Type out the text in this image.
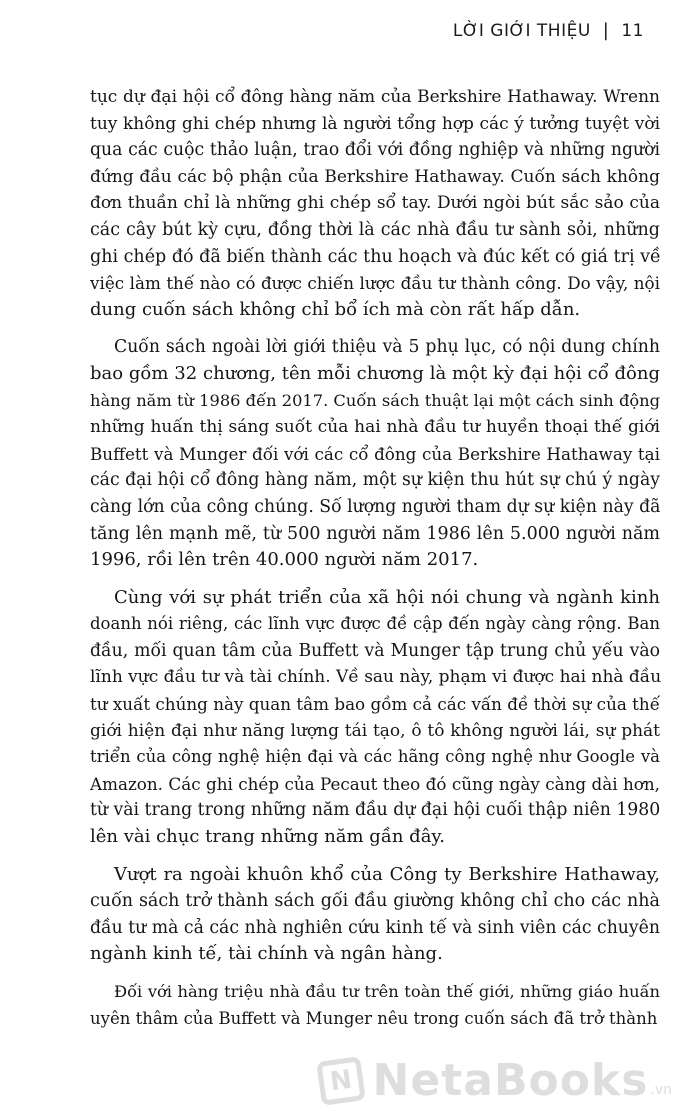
LỜI GIỚI THIỆU | 11
tục dự đại hội cổ đông hàng năm của Berkshire Hathaway. Wrenn
tuy không ghi chép nhưng là người tổng hợp các ý tưởng tuyệt vời
qua các cuộc thảo luận, trao đổi với đồng nghiệp và những người
đứng đầu các bộ phận của Berkshire Hathaway. Cuốn sách không
đơn thuần chỉ là những ghi chép sổ tay. Dưới ngòi bút sắc sảo của
các cây bút kỳ cựu, đồng thời là các nhà đầu tư sành sỏi, những
ghi chép đó đã biến thành các thu hoạch và đúc kết có giá trị về
việc làm thế nào có được chiến lược đầu tư thành công. Do vậy, nội
dung cuốn sách không chỉ bổ ích mà còn rất hấp dẫn.
Cuốn sách ngoài lời giới thiệu và 5 phụ lục, có nội dung chính
bao gồm 32 chương, tên mỗi chương là một kỳ đại hội cổ đông
hàng năm từ 1986 đến 2017. Cuốn sách thuật lại một cách sinh động
những huấn thị sáng suốt của hai nhà đầu tư huyền thoại thế giới
Buffett và Munger đối với các cổ đông của Berkshire Hathaway tại
các đại hội cổ đông hàng năm, một sự kiện thu hút sự chú ý ngày
càng lớn của công chúng. Số lượng người tham dự sự kiện này đã
tăng lên mạnh mẽ, từ 500 người năm 1986 lên 5.000 người năm
1996, rồi lên trên 40.000 người năm 2017.
Cùng với sự phát triển của xã hội nói chung và ngành kinh
doanh nói riêng, các lĩnh vực được đề cập đến ngày càng rộng. Ban
đầu, mối quan tâm của Buffett và Munger tập trung chủ yếu vào
lĩnh vực đầu tư và tài chính. Về sau này, phạm vi được hai nhà đầu
tư xuất chúng này quan tâm bao gồm cả các vấn đề thời sự của thế
giới hiện đại như năng lượng tái tạo, ô tô không người lái, sự phát
triển của công nghệ hiện đại và các hãng công nghệ như Google và
Amazon. Các ghi chép của Pecaut theo đó cũng ngày càng dài hơn,
từ vài trang trong những năm đầu dự đại hội cuối thập niên 1980
lên vài chục trang những năm gần đây.
Vượt ra ngoài khuôn khổ của Công ty Berkshire Hathaway,
cuốn sách trở thành sách gối đầu giường không chỉ cho các nhà
đầu tư mà cả các nhà nghiên cứu kinh tế và sinh viên các chuyên
ngành kinh tế, tài chính và ngân hàng.
Đối với hàng triệu nhà đầu tư trên toàn thế giới, những giáo huấn
uyên thâm của Buffett và Munger nêu trong cuốn sách đã trở thành
N NetaBooks .vn
